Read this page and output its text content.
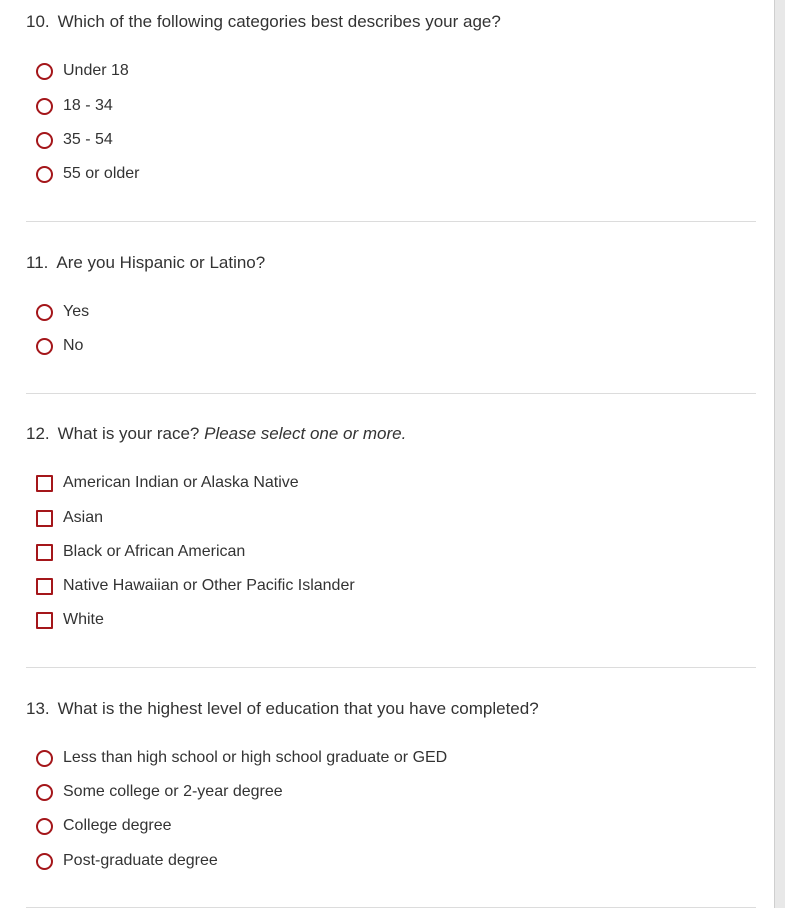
10. Which of the following categories best describes your age?
Under 18
18 - 34
35 - 54
55 or older
11. Are you Hispanic or Latino?
Yes
No
12. What is your race? Please select one or more.
American Indian or Alaska Native
Asian
Black or African American
Native Hawaiian or Other Pacific Islander
White
13. What is the highest level of education that you have completed?
Less than high school or high school graduate or GED
Some college or 2-year degree
College degree
Post-graduate degree
